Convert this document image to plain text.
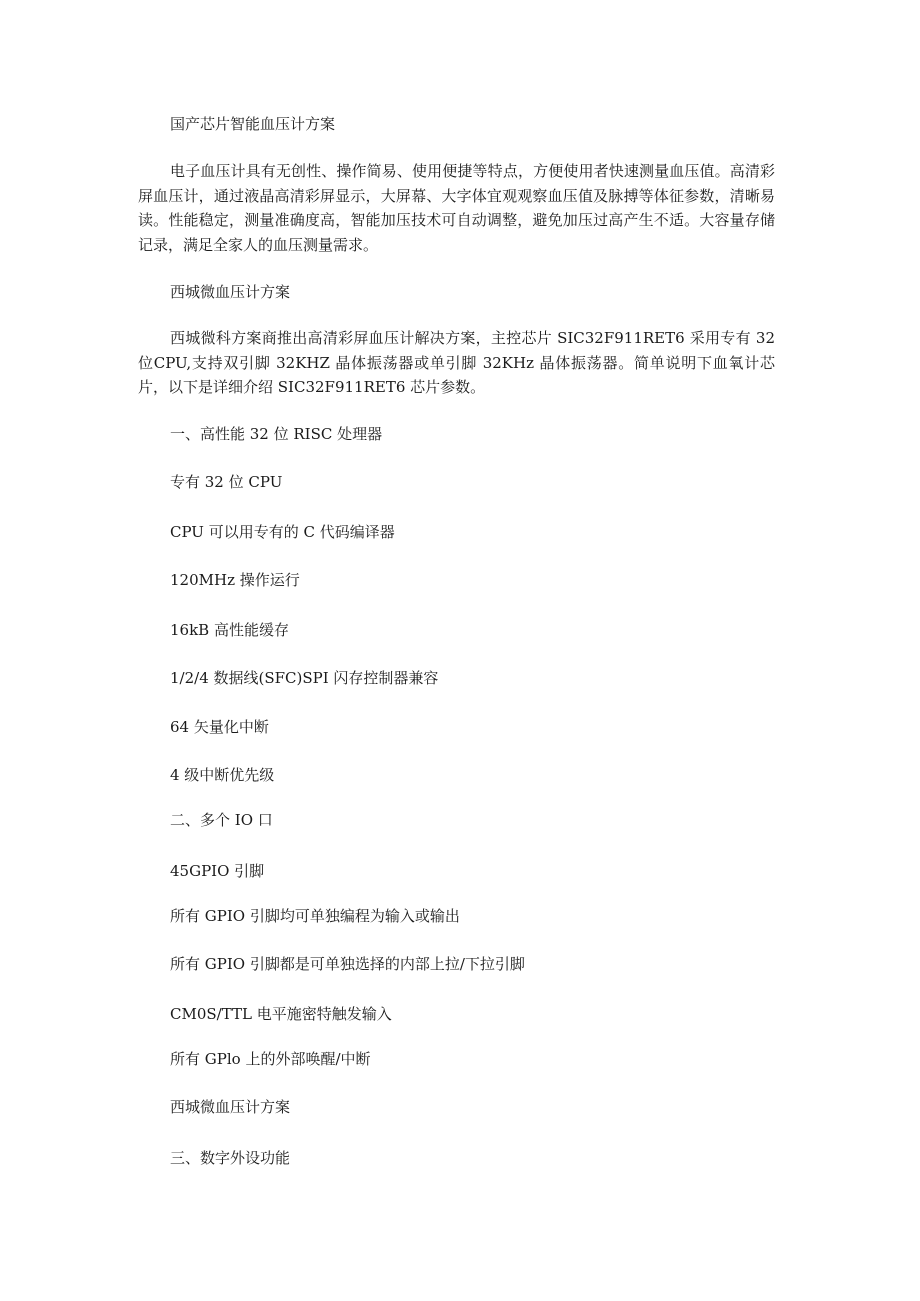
国产芯片智能血压计方案
电子血压计具有无创性、操作简易、使用便捷等特点，方便使用者快速测量血压值。高清彩屏血压计，通过液晶高清彩屏显示，大屏幕、大字体宜观观察血压值及脉搏等体征参数，清晰易读。性能稳定，测量准确度高，智能加压技术可自动调整，避免加压过高产生不适。大容量存储记录，满足全家人的血压测量需求。
西城微血压计方案
西城微科方案商推出高清彩屏血压计解决方案，主控芯片 SIC32F911RET6 采用专有 32 位CPU,支持双引脚 32KHZ 晶体振荡器或单引脚 32KHz 晶体振荡器。简单说明下血氧计芯片，以下是详细介绍 SIC32F911RET6 芯片参数。
一、高性能 32 位 RISC 处理器
专有 32 位 CPU
CPU 可以用专有的 C 代码编译器
120MHz 操作运行
16kB 高性能缓存
1/2/4 数据线(SFC)SPI 闪存控制器兼容
64 矢量化中断
4 级中断优先级
二、多个 IO 口
45GPIO 引脚
所有 GPIO 引脚均可单独编程为输入或输出
所有 GPIO 引脚都是可单独选择的内部上拉/下拉引脚
CM0S/TTL 电平施密特触发输入
所有 GPlo 上的外部唤醒/中断
西城微血压计方案
三、数字外设功能
